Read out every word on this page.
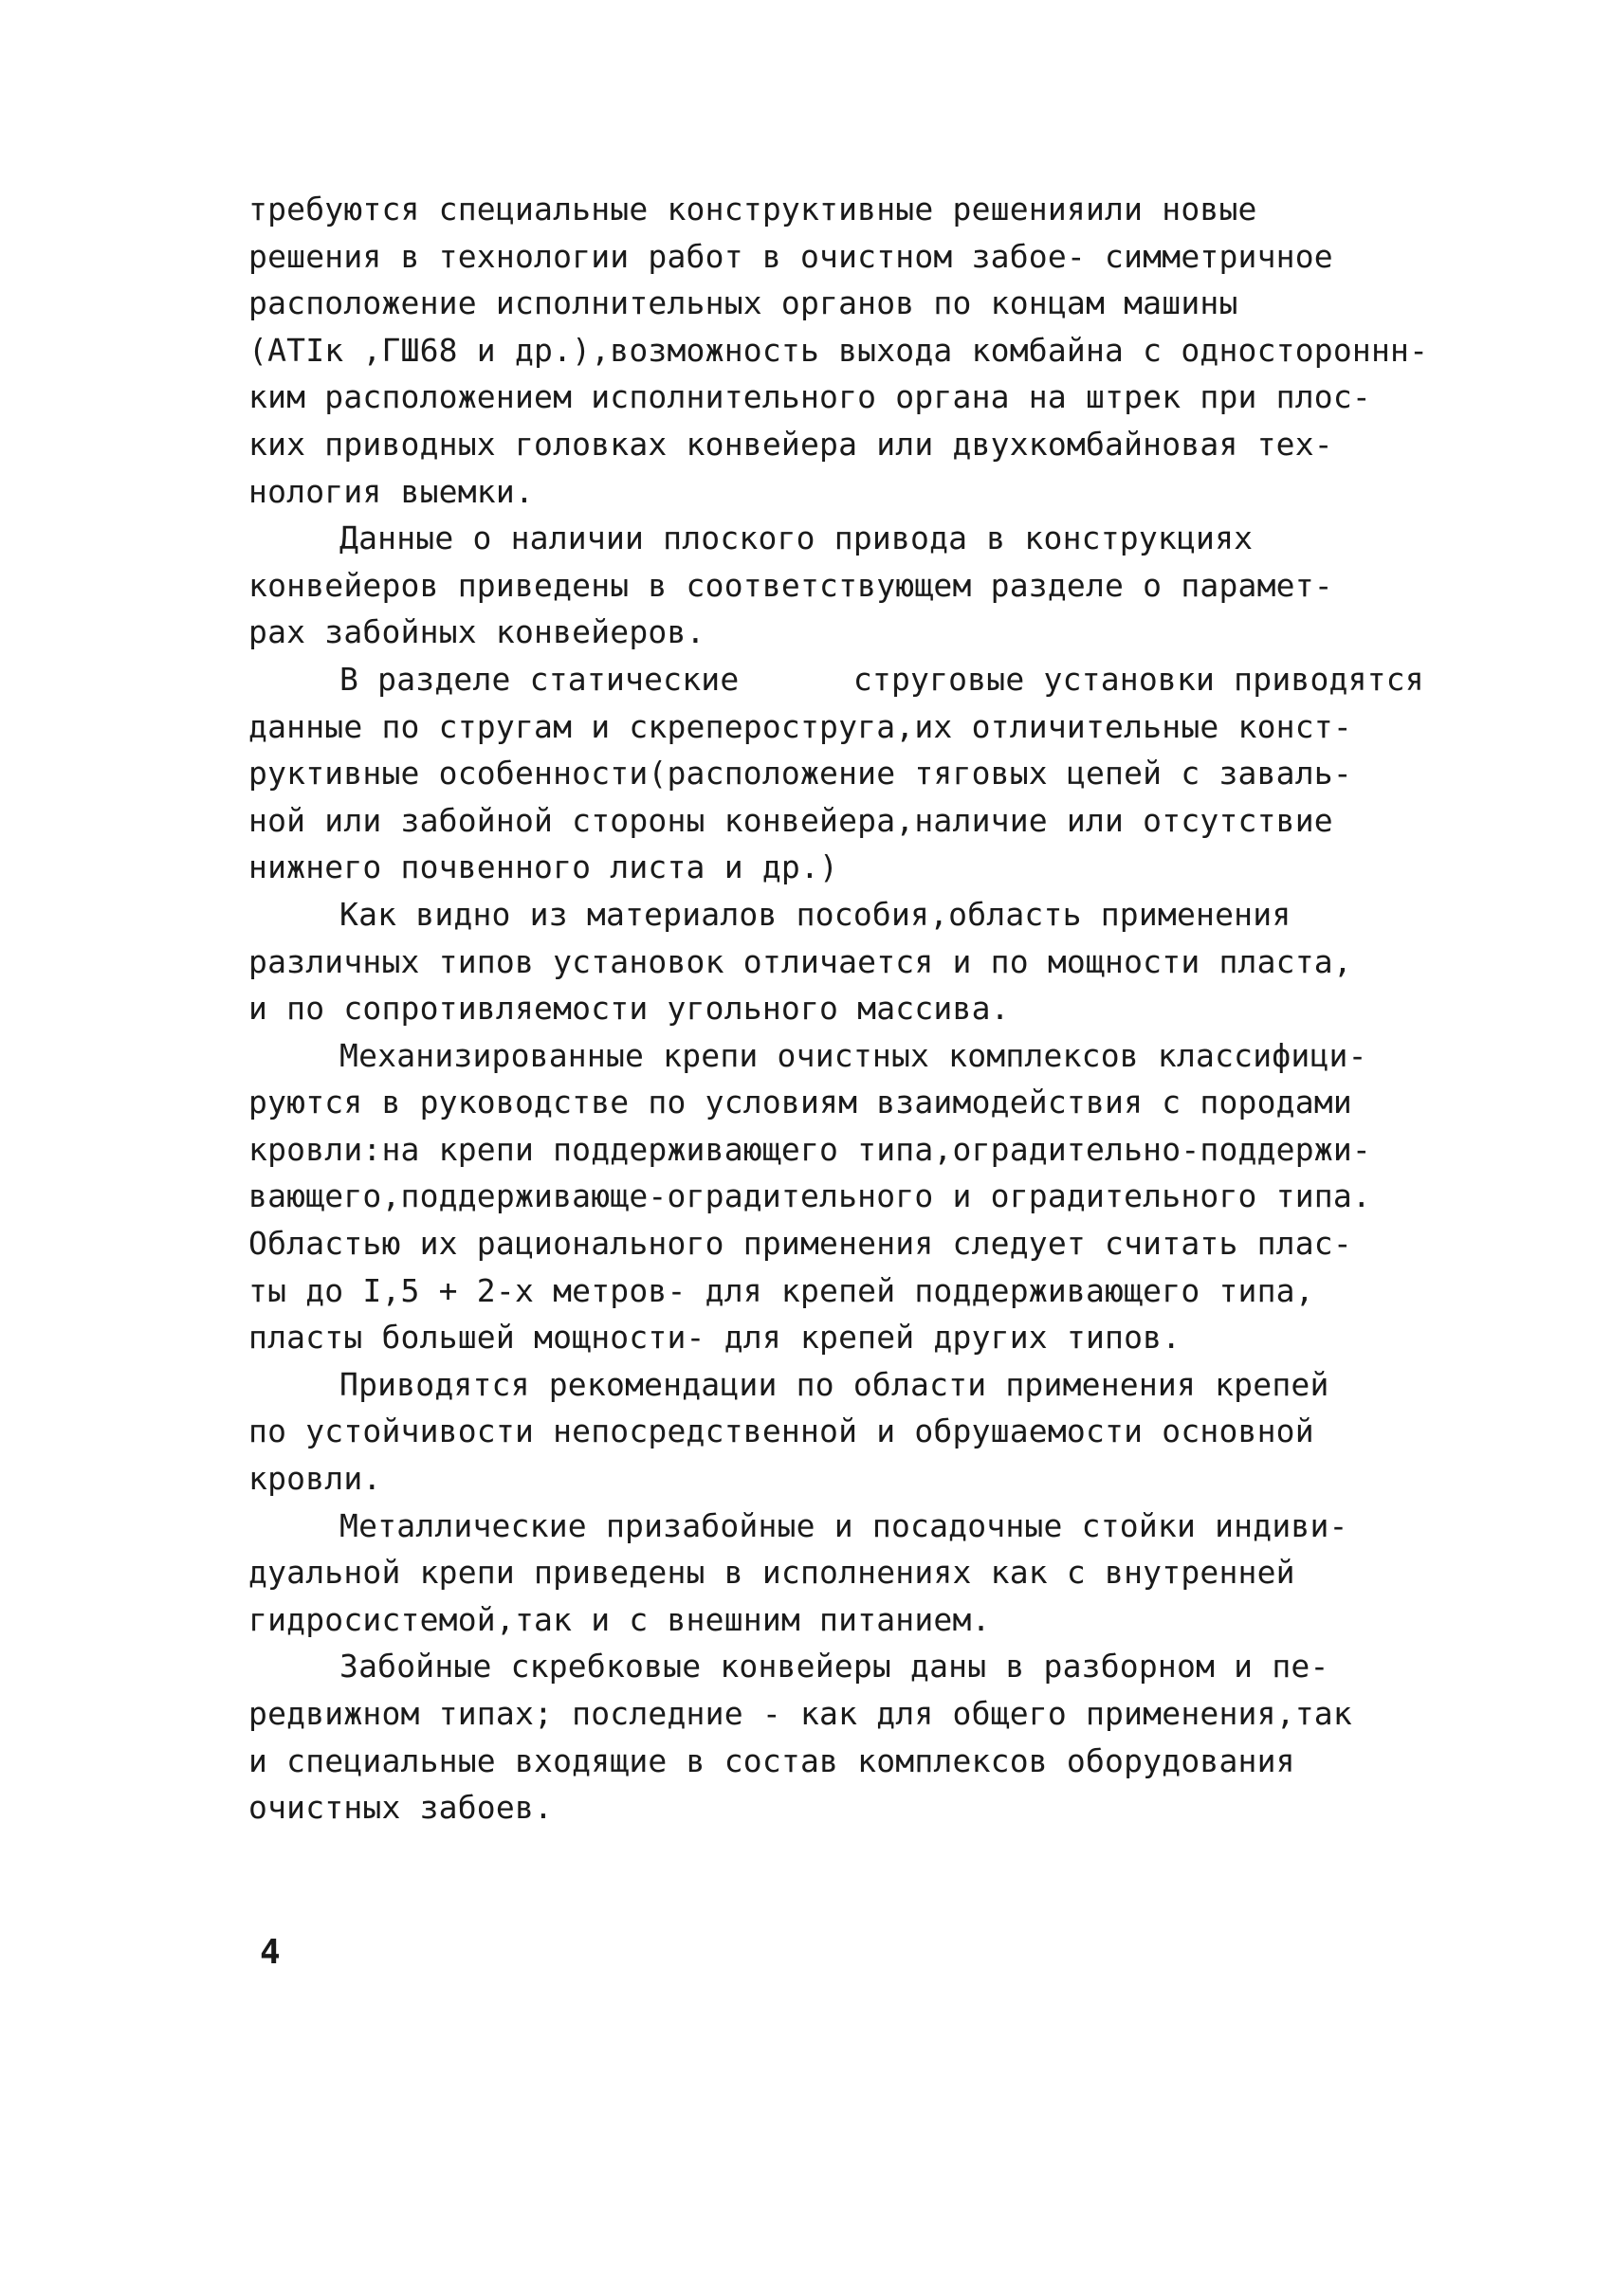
требуются специальные конструктивные решенияили новые
решения в технологии работ в очистном забое- симметричное
расположение исполнительных органов по концам машины
(АТIк ,ГШ68 и др.),возможность выхода комбайна с одностороннн-
ким расположением исполнительного органа на штрек при плос-
ких приводных головках конвейера или двухкомбайновая тех-
нология выемки.
Данные о наличии плоского привода в конструкциях
конвейеров приведены в соответствующем разделе о парамет-
рах забойных конвейеров.
В разделе статические      струговые установки приводятся
данные по стругам и скрепероструга,их отличительные конст-
руктивные особенности(расположение тяговых цепей с заваль-
ной или забойной стороны конвейера,наличие или отсутствие
нижнего почвенного листа и др.)
Как видно из материалов пособия,область применения
различных типов установок отличается и по мощности пласта,
и по сопротивляемости угольного массива.
Механизированные крепи очистных комплексов классифици-
руются в руководстве по условиям взаимодействия с породами
кровли:на крепи поддерживающего типа,оградительно-поддержи-
вающего,поддерживающе-оградительного и оградительного типа.
Областью их рационального применения следует считать плас-
ты до I,5 + 2-х метров- для крепей поддерживающего типа,
пласты большей мощности- для крепей других типов.
Приводятся рекомендации по области применения крепей
по устойчивости непосредственной и обрушаемости основной
кровли.
Металлические призабойные и посадочные стойки индиви-
дуальной крепи приведены в исполнениях как с внутренней
гидросистемой,так и с внешним питанием.
Забойные скребковые конвейеры даны в разборном и пе-
редвижном типах; последние - как для общего применения,так
и специальные входящие в состав комплексов оборудования
очистных забоев.
4
